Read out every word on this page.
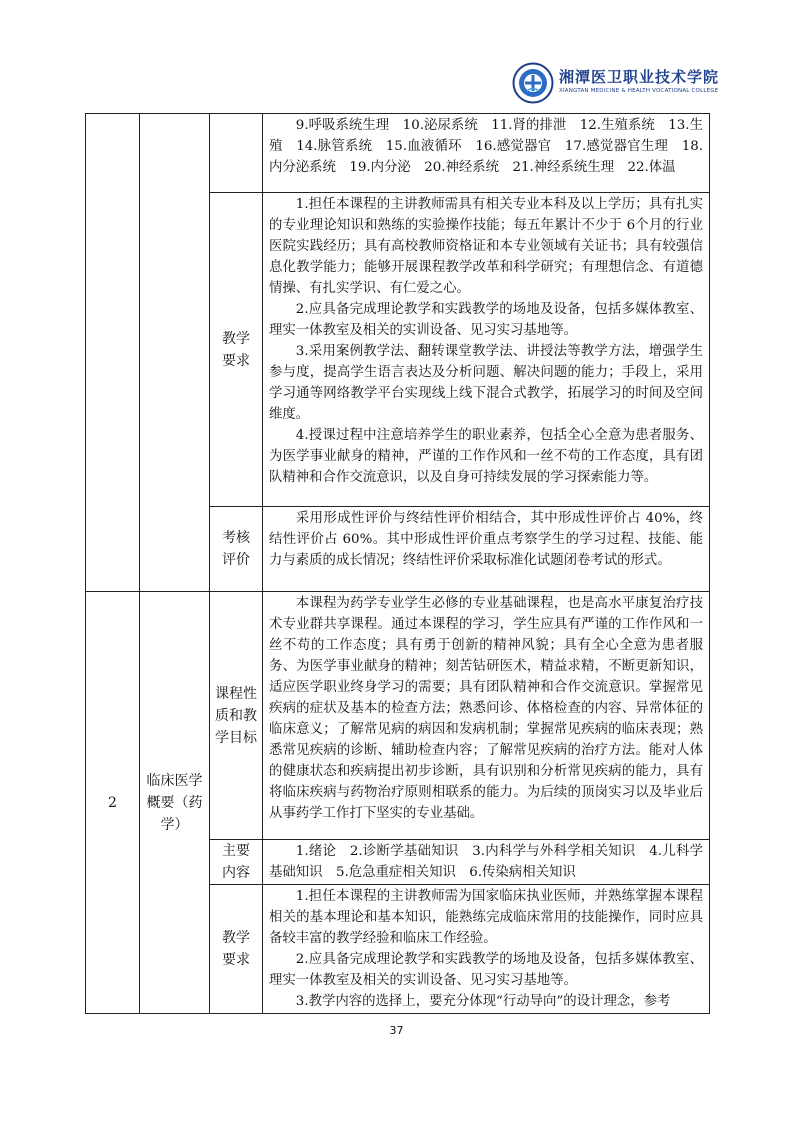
湘潭医卫职业技术学院
XIANGTAN MEDICINE & HEALTH VOCATIONAL COLLEGE

			9.呼吸系统生理　10.泌尿系统　11.肾的排泄　12.生殖系统　13.生殖　14.脉管系统　15.血液循环　16.感觉器官　17.感觉器官生理　18.内分泌系统　19.内分泌　20.神经系统　21.神经系统生理　22.体温

		教学要求	1.担任本课程的主讲教师需具有相关专业本科及以上学历；具有扎实的专业理论知识和熟练的实验操作技能；每五年累计不少于 6个月的行业医院实践经历；具有高校教师资格证和本专业领域有关证书；具有较强信息化教学能力；能够开展课程教学改革和科学研究；有理想信念、有道德情操、有扎实学识、有仁爱之心。

2.应具备完成理论教学和实践教学的场地及设备，包括多媒体教室、理实一体教室及相关的实训设备、见习实习基地等。

3.采用案例教学法、翻转课堂教学法、讲授法等教学方法，增强学生参与度，提高学生语言表达及分析问题、解决问题的能力；手段上，采用学习通等网络教学平台实现线上线下混合式教学，拓展学习的时间及空间维度。

4.授课过程中注意培养学生的职业素养，包括全心全意为患者服务、为医学事业献身的精神，严谨的工作作风和一丝不苟的工作态度，具有团队精神和合作交流意识，以及自身可持续发展的学习探索能力等。

		考核评价	采用形成性评价与终结性评价相结合，其中形成性评价占 40%，终结性评价占 60%。其中形成性评价重点考察学生的学习过程、技能、能力与素质的成长情况；终结性评价采取标准化试题闭卷考试的形式。

2	临床医学概要（药学）	课程性质和教学目标	本课程为药学专业学生必修的专业基础课程，也是高水平康复治疗技术专业群共享课程。通过本课程的学习，学生应具有严谨的工作作风和一丝不苟的工作态度；具有勇于创新的精神风貌；具有全心全意为患者服务、为医学事业献身的精神；刻苦钻研医术，精益求精，不断更新知识，适应医学职业终身学习的需要；具有团队精神和合作交流意识。掌握常见疾病的症状及基本的检查方法；熟悉问诊、体格检查的内容、异常体征的临床意义；了解常见病的病因和发病机制；掌握常见疾病的临床表现；熟悉常见疾病的诊断、辅助检查内容；了解常见疾病的治疗方法。能对人体的健康状态和疾病提出初步诊断，具有识别和分析常见疾病的能力，具有将临床疾病与药物治疗原则相联系的能力。为后续的顶岗实习以及毕业后从事药学工作打下坚实的专业基础。

		主要内容	1.绪论　2.诊断学基础知识　3.内科学与外科学相关知识　4.儿科学基础知识　5.危急重症相关知识　6.传染病相关知识

		教学要求	1.担任本课程的主讲教师需为国家临床执业医师，并熟练掌握本课程相关的基本理论和基本知识，能熟练完成临床常用的技能操作，同时应具备较丰富的教学经验和临床工作经验。

2.应具备完成理论教学和实践教学的场地及设备，包括多媒体教室、理实一体教室及相关的实训设备、见习实习基地等。

3.教学内容的选择上，要充分体现“行动导向”的设计理念，参考

37
